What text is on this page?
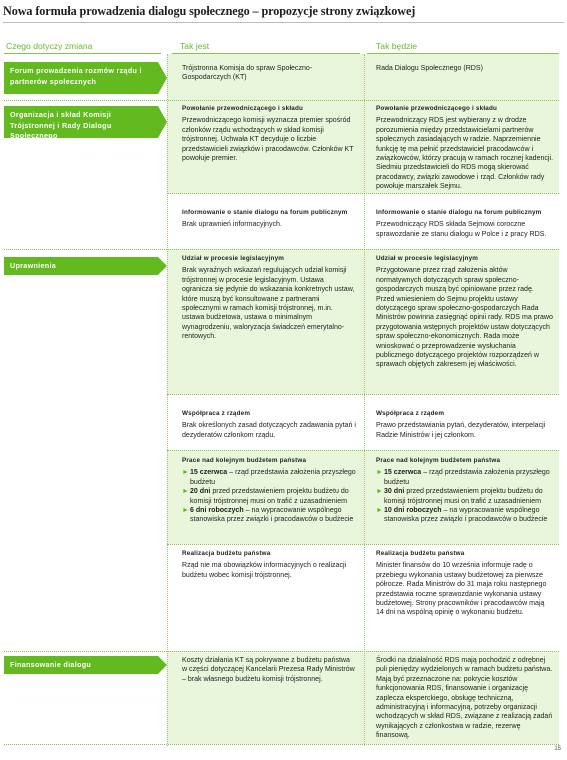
Nowa formuła prowadzenia dialogu społecznego – propozycje strony związkowej
Czego dotyczy zmiana	Tak jest	Tak będzie
Forum prowadzenia rozmów rządu i partnerów społecznych
Organizacja i skład Komisji Trójstronnej i Rady Dialogu Społecznego
Uprawnienia
Finansowanie dialogu
Trójstronna Komisja do spraw Społeczno-Gospodarczych (KT)
Rada Dialogu Społecznego (RDS)
Powołanie przewodniczącego i składu
Przewodniczącego komisji wyznacza premier spośród członków rządu wchodzących w skład komisji trójstronnej. Uchwała KT decyduje o liczbie przedstawicieli związków i pracodawców. Członków KT powołuje premier.
Powołanie przewodniczącego i składu
Przewodniczący RDS jest wybierany z w drodze porozumienia między przedstawicielami partnerów społecznych zasiadających w radzie. Naprzemiennie funkcję tę ma pełnić przedstawiciel pracodawców i związkowców, którzy pracują w ramach rocznej kadencji. Siedmiu przedstawicieli do RDS mogą skierować pracodawcy, związki zawodowe i rząd. Członków rady powołuje marszałek Sejmu.
Informowanie o stanie dialogu na forum publicznym
Brak uprawnień informacyjnych.
Informowanie o stanie dialogu na forum publicznym
Przewodniczący RDS składa Sejmowi coroczne sprawozdanie ze stanu dialogu w Polce i z pracy RDS.
Udział w procesie legislacyjnym
Brak wyraźnych wskazań regulujących udział komisji trójstronnej w procesie legislacyjnym. Ustawa ogranicza się jedynie do wskazania konkretnych ustaw, które muszą być konsultowane z partnerami społecznymi w ramach komisji trójstronnej, m.in. ustawa budżetowa, ustawa o minimalnym wynagrodzeniu, waloryzacja świadczeń emerytalno-rentowych.
Udział w procesie legislacyjnym
Przygotowane przez rząd założenia aktów normatywnych dotyczących spraw społeczno-gospodarczych muszą być opiniowane przez radę. Przed wniesieniem do Sejmu projektu ustawy dotyczącego spraw społeczno-gospodarczych Rada Ministrów powinna zasięgnąć opinii rady. RDS ma prawo przygotowania wstępnych projektów ustaw dotyczących spraw społeczno-ekonomicznych. Rada może wnioskować o przeprowadzenie wysłuchania publicznego dotyczącego projektów rozporządzeń w sprawach objętych zakresem jej właściwości.
Współpraca z rządem
Brak określonych zasad dotyczących zadawania pytań i dezyderatów członkom rządu.
Współpraca z rządem
Prawo przedstawiania pytań, dezyderatów, interpelacji Radzie Ministrów i jej członkom.
Prace nad kolejnym budżetem państwa
► 15 czerwca – rząd przedstawia założenia przyszłego budżetu
► 20 dni przed przedstawieniem projektu budżetu do komisji trójstronnej musi on trafić z uzasadnieniem
► 6 dni roboczych – na wypracowanie wspólnego stanowiska przez związki i pracodawców o budżecie
Prace nad kolejnym budżetem państwa
► 15 czerwca – rząd przedstawia założenia przyszłego budżetu
► 30 dni przed przedstawieniem projektu budżetu do komisji trójstronnej musi on trafić z uzasadnieniem
► 10 dni roboczych – na wypracowanie wspólnego stanowiska przez związki i pracodawców o budżecie
Realizacja budżetu państwa
Rząd nie ma obowiązków informacyjnych o realizacji budżetu wobec komisji trójstronnej.
Realizacja budżetu państwa
Minister finansów do 10 września informuje radę o przebiegu wykonania ustawy budżetowej za pierwsze półrocze. Rada Ministrów do 31 maja roku następnego przedstawia roczne sprawozdanie wykonania ustawy budżetowej. Strony pracowników i pracodawców mają 14 dni na wspólną opinię o wykonaniu budżetu.
Koszty działania KT są pokrywane z budżetu państwa w części dotyczącej Kancelarii Prezesa Rady Ministrów – brak własnego budżetu komisji trójstronnej.
Środki na działalność RDS mają pochodzić z odrębnej puli pieniędzy wydzielonych w ramach budżetu państwa. Mają być przeznaczone na: pokrycie kosztów funkcjonowania RDS, finansowanie i organizację zaplecza eksperckiego, obsługę techniczną, administracyjną i informacyjną, potrzeby organizacji wchodzących w skład RDS, związane z realizacją zadań wynikających z członkostwa w radzie, rezerwę finansową.
15
